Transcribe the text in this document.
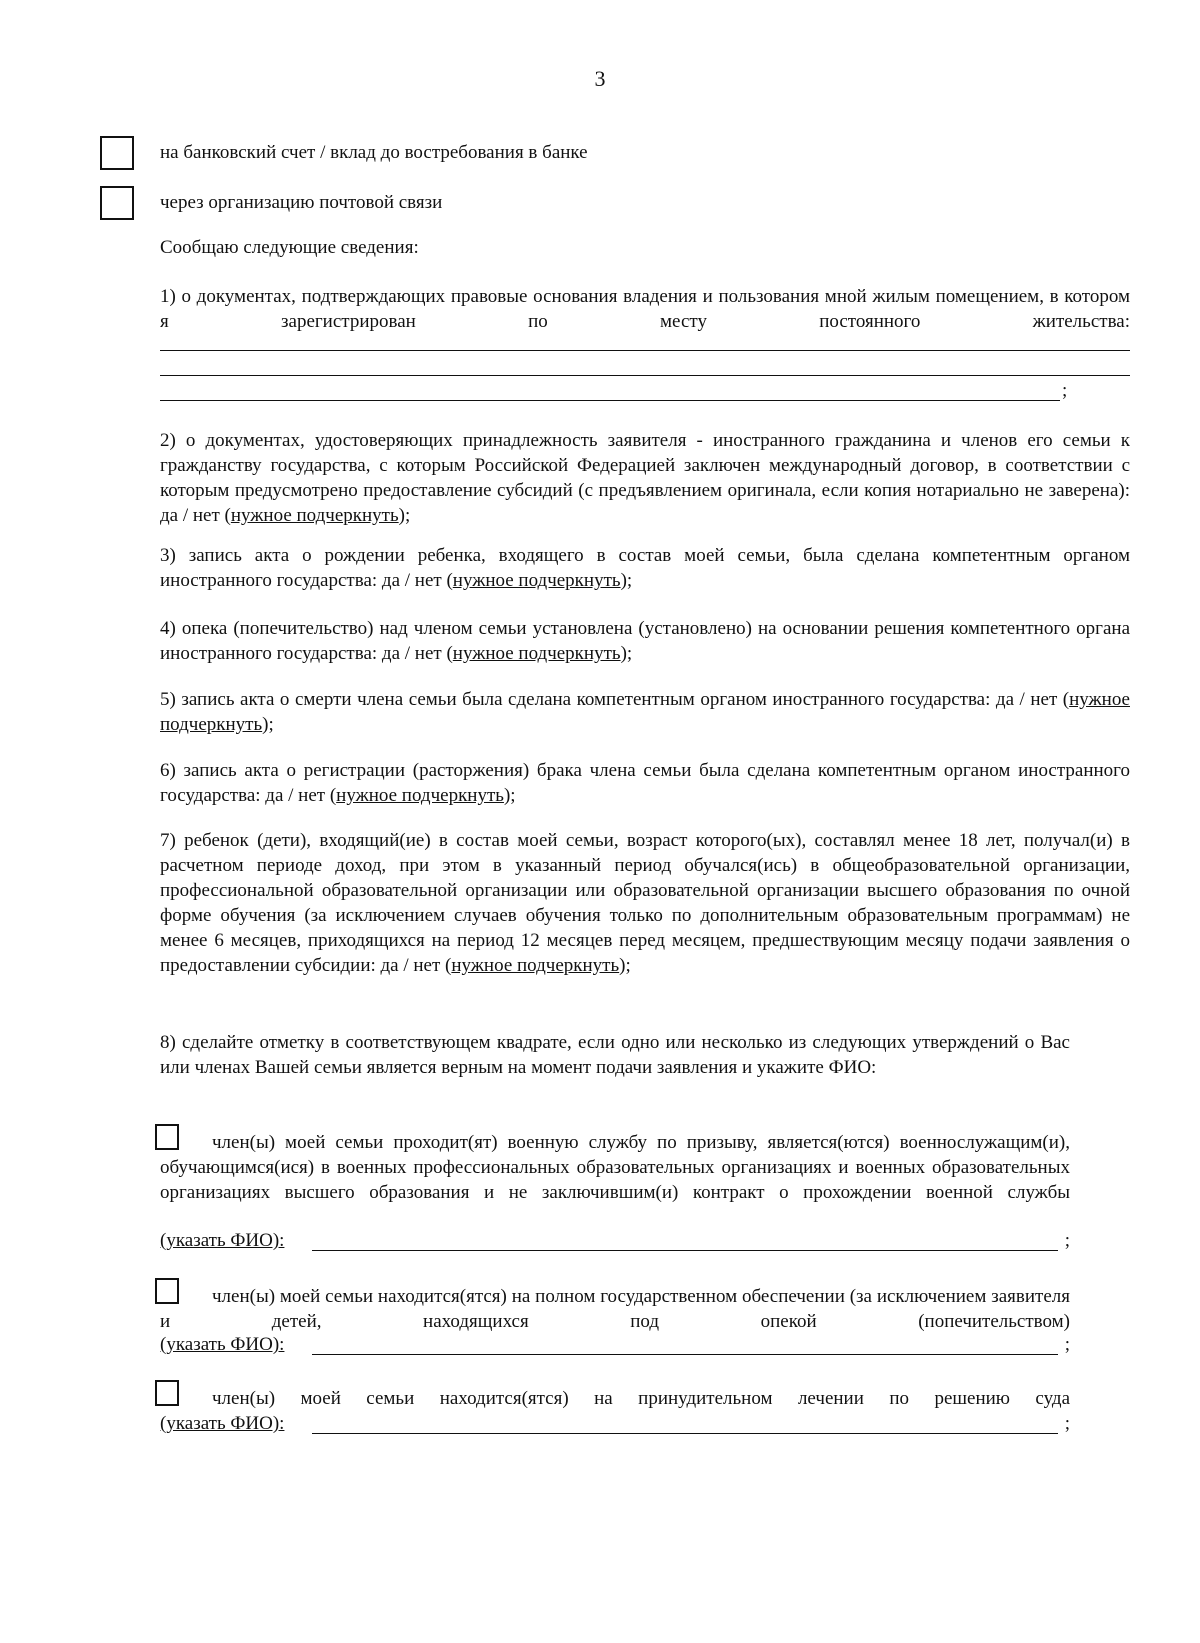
3
на банковский счет / вклад до востребования в банке
через организацию почтовой связи
Сообщаю следующие сведения:
1) о документах, подтверждающих правовые основания владения и пользования мной жилым помещением, в котором я зарегистрирован по месту постоянного жительства:
;
2) о документах, удостоверяющих принадлежность заявителя - иностранного гражданина и членов его семьи к гражданству государства, с которым Российской Федерацией заключен международный договор, в соответствии с которым предусмотрено предоставление субсидий (с предъявлением оригинала, если копия нотариально не заверена): да / нет (нужное подчеркнуть);
3) запись акта о рождении ребенка, входящего в состав моей семьи, была сделана компетентным органом иностранного государства: да / нет (нужное подчеркнуть);
4) опека (попечительство) над членом семьи установлена (установлено) на основании решения компетентного органа иностранного государства: да / нет (нужное подчеркнуть);
5) запись акта о смерти члена семьи была сделана компетентным органом иностранного государства: да / нет (нужное подчеркнуть);
6) запись акта о регистрации (расторжения) брака члена семьи была сделана компетентным органом иностранного государства: да / нет (нужное подчеркнуть);
7) ребенок (дети), входящий(ие) в состав моей семьи, возраст которого(ых), составлял менее 18 лет, получал(и) в расчетном периоде доход, при этом в указанный период обучался(ись) в общеобразовательной организации, профессиональной образовательной организации или образовательной организации высшего образования по очной форме обучения (за исключением случаев обучения только по дополнительным образовательным программам) не менее 6 месяцев, приходящихся на период 12 месяцев перед месяцем, предшествующим месяцу подачи заявления о предоставлении субсидии: да / нет (нужное подчеркнуть);
8) сделайте отметку в соответствующем квадрате, если одно или несколько из следующих утверждений о Вас или членах Вашей семьи является верным на момент подачи заявления и укажите ФИО:
член(ы) моей семьи проходит(ят) военную службу по призыву, является(ются) военнослужащим(и), обучающимся(ися) в военных профессиональных образовательных организациях и военных образовательных организациях высшего образования и не заключившим(и) контракт о прохождении военной службы
(указать ФИО):	;
член(ы) моей семьи находится(ятся) на полном государственном обеспечении (за исключением заявителя и детей, находящихся под опекой (попечительством)
(указать ФИО):	;
член(ы) моей семьи находится(ятся) на принудительном лечении по решению суда
(указать ФИО):	;
